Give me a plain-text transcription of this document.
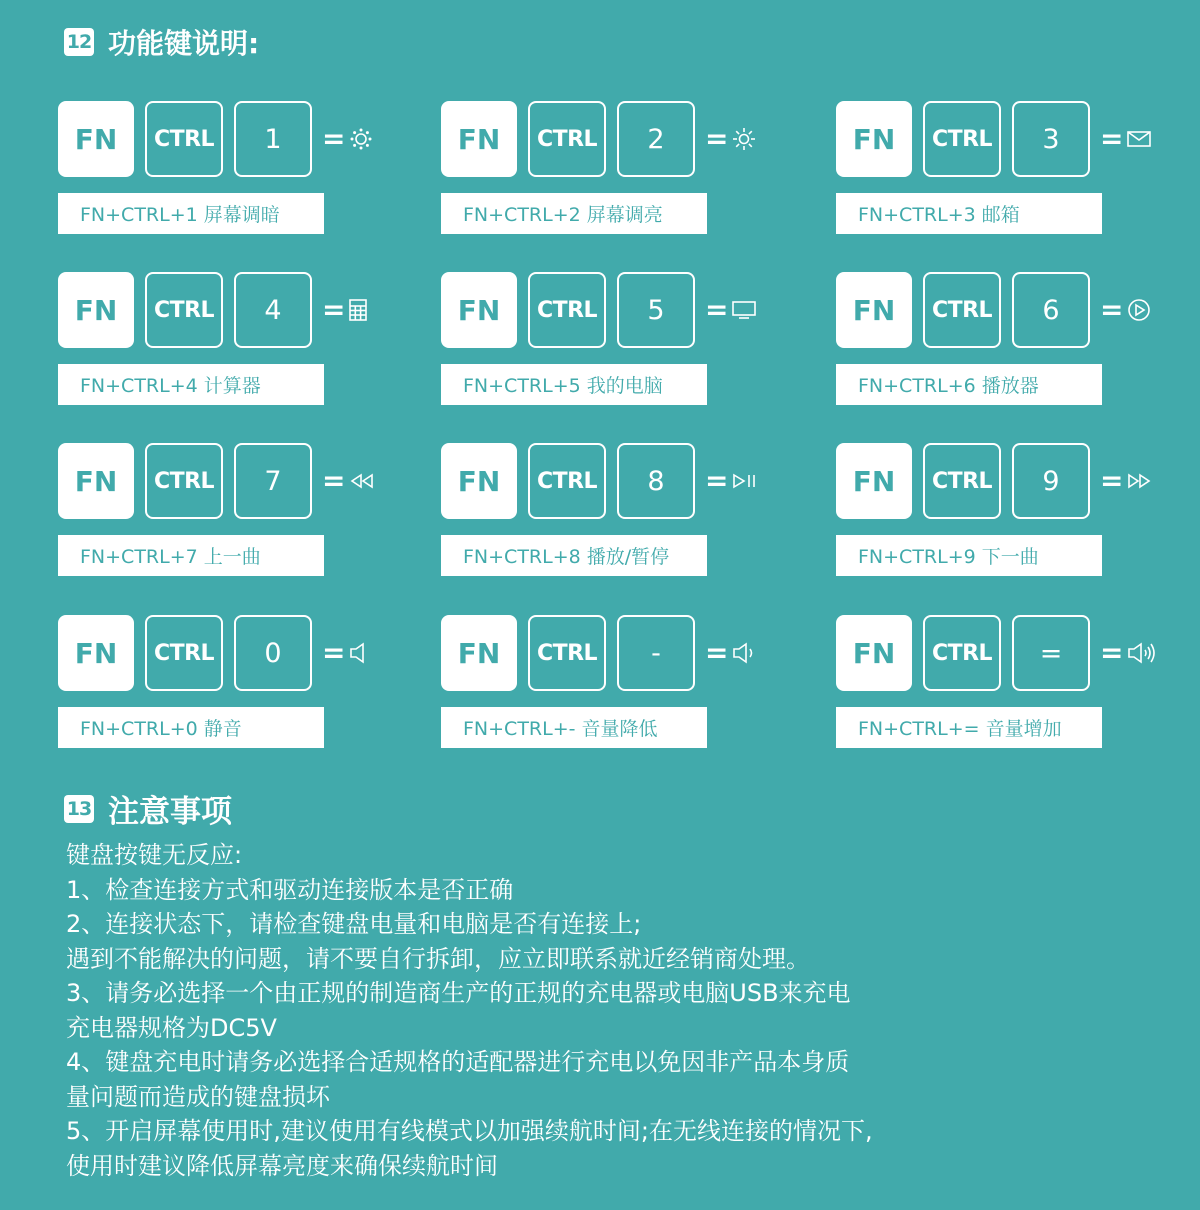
12 功能键说明:
FN	CTRL	1	=
FN+CTRL+1 屏幕调暗
FN	CTRL	2	=
FN+CTRL+2 屏幕调亮
FN	CTRL	3	=
FN+CTRL+3 邮箱
FN	CTRL	4	=
FN+CTRL+4 计算器
FN	CTRL	5	=
FN+CTRL+5 我的电脑
FN	CTRL	6	=
FN+CTRL+6 播放器
FN	CTRL	7	=
FN+CTRL+7 上一曲
FN	CTRL	8	=
FN+CTRL+8 播放/暂停
FN	CTRL	9	=
FN+CTRL+9 下一曲
FN	CTRL	0	=
FN+CTRL+0 静音
FN	CTRL	-	=
FN+CTRL+- 音量降低
FN	CTRL	=	=
FN+CTRL+= 音量增加
13 注意事项
键盘按键无反应:
1、检查连接方式和驱动连接版本是否正确
2、连接状态下，请检查键盘电量和电脑是否有连接上;
遇到不能解决的问题，请不要自行拆卸，应立即联系就近经销商处理。
3、请务必选择一个由正规的制造商生产的正规的充电器或电脑USB来充电
充电器规格为DC5V
4、键盘充电时请务必选择合适规格的适配器进行充电以免因非产品本身质
量问题而造成的键盘损坏
5、开启屏幕使用时,建议使用有线模式以加强续航时间;在无线连接的情况下,
使用时建议降低屏幕亮度来确保续航时间
